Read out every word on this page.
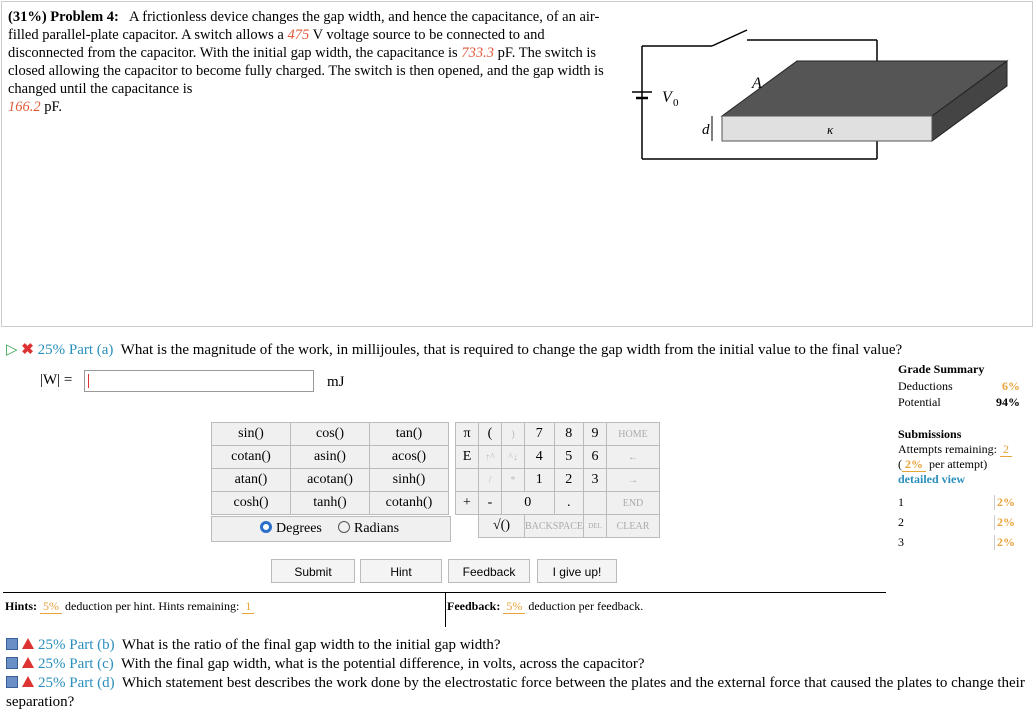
(31%) Problem 4: A frictionless device changes the gap width, and hence the capacitance, of an air-filled parallel-plate capacitor. A switch allows a 475 V voltage source to be connected to and disconnected from the capacitor. With the initial gap width, the capacitance is 733.3 pF. The switch is closed allowing the capacitor to become fully charged. The switch is then opened, and the gap width is changed until the capacitance is
166.2 pF.
A
V 0
d	κ
▷ ✖ 25% Part (a) What is the magnitude of the work, in millijoules, that is required to change the gap width from the initial value to the final value?
|W| =	mJ
sin()	cos()	tan()
cotan()	asin()	acos()
atan()	acotan()	sinh()
cosh()	tanh()	cotanh()
Degrees	Radians
π	(	)	7	8	9	HOME
E	↑^	^↓	4	5	6	←
	/	*	1	2	3	→
+	-	0		.		END
	√()		BACKSPACE		DEL	CLEAR
Submit	Hint	Feedback	I give up!
Grade Summary
Deductions	6%
Potential	94%
Submissions
Attempts remaining: 2
( 2% per attempt)
detailed view
1	2%
2	2%
3	2%
Hints: 5% deduction per hint. Hints remaining: 1	Feedback: 5% deduction per feedback.
25% Part (b) What is the ratio of the final gap width to the initial gap width?
25% Part (c) With the final gap width, what is the potential difference, in volts, across the capacitor?
25% Part (d) Which statement best describes the work done by the electrostatic force between the plates and the external force that caused the plates to change their separation?
